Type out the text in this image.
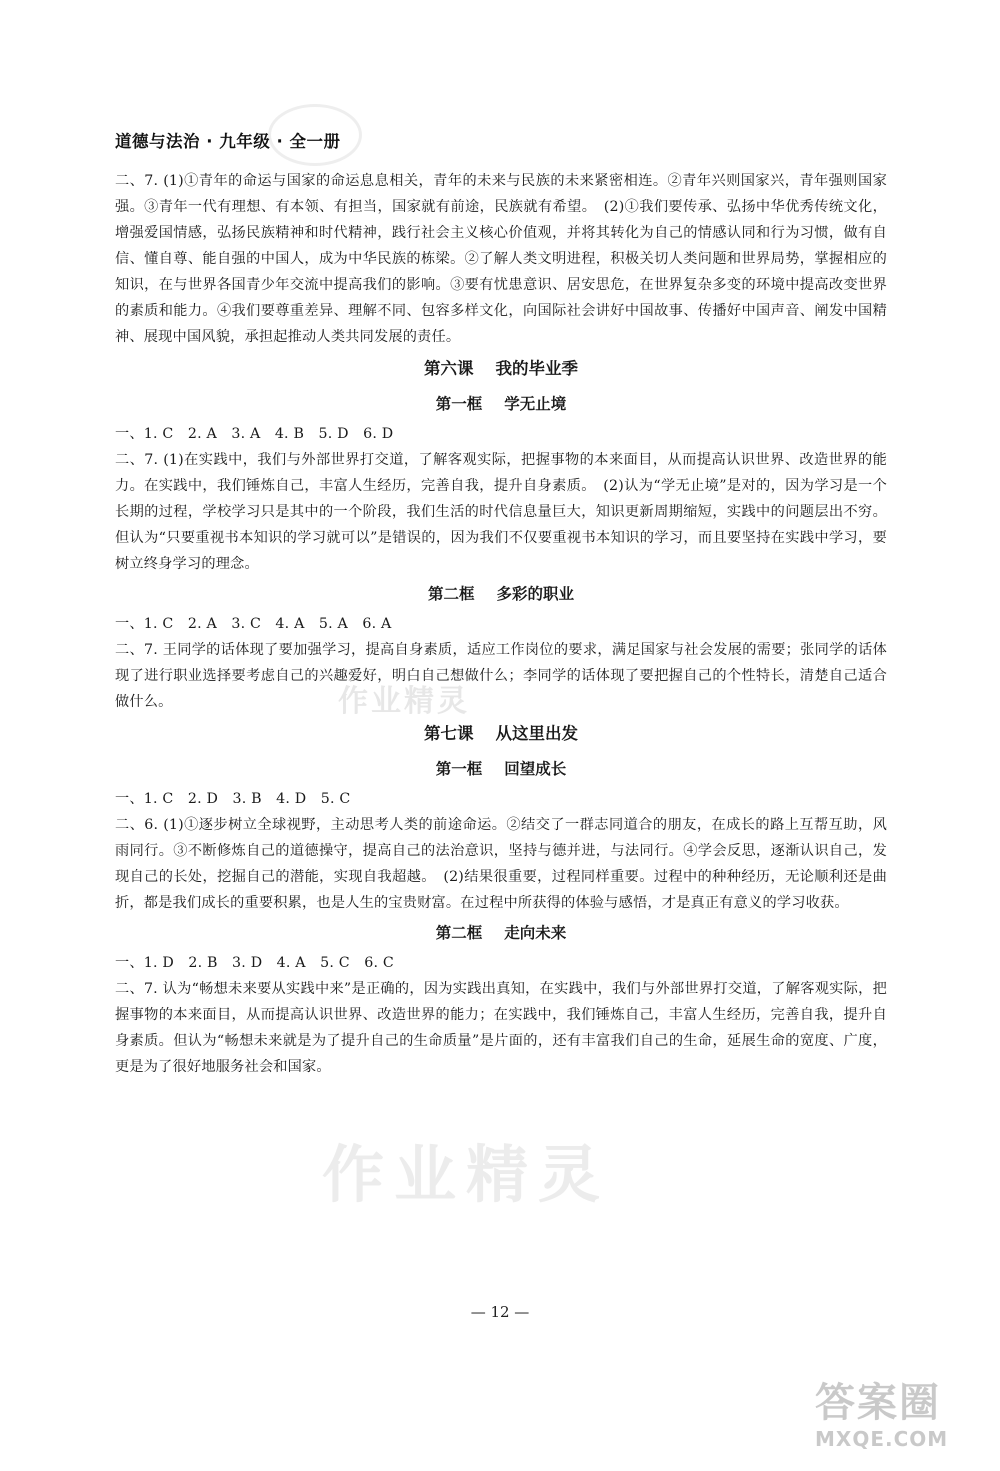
道德与法治 · 九年级 · 全一册

二、7. (1)①青年的命运与国家的命运息息相关，青年的未来与民族的未来紧密相连。②青年兴则国家兴，青年强则国家强。③青年一代有理想、有本领、有担当，国家就有前途，民族就有希望。　(2)①我们要传承、弘扬中华优秀传统文化，增强爱国情感，弘扬民族精神和时代精神，践行社会主义核心价值观，并将其转化为自己的情感认同和行为习惯，做有自信、懂自尊、能自强的中国人，成为中华民族的栋梁。②了解人类文明进程，积极关切人类问题和世界局势，掌握相应的知识，在与世界各国青少年交流中提高我们的影响。③要有忧患意识、居安思危，在世界复杂多变的环境中提高改变世界的素质和能力。④我们要尊重差异、理解不同、包容多样文化，向国际社会讲好中国故事、传播好中国声音、阐发中国精神、展现中国风貌，承担起推动人类共同发展的责任。

第六课 我的毕业季
第一框 学无止境

一、1. C　2. A　3. A　4. B　5. D　6. D

二、7. (1)在实践中，我们与外部世界打交道，了解客观实际，把握事物的本来面目，从而提高认识世界、改造世界的能力。在实践中，我们锤炼自己，丰富人生经历，完善自我，提升自身素质。　(2)认为“学无止境”是对的，因为学习是一个长期的过程，学校学习只是其中的一个阶段，我们生活的时代信息量巨大，知识更新周期缩短，实践中的问题层出不穷。但认为“只要重视书本知识的学习就可以”是错误的，因为我们不仅要重视书本知识的学习，而且要坚持在实践中学习，要树立终身学习的理念。

第二框 多彩的职业

一、1. C　2. A　3. C　4. A　5. A　6. A

二、7. 王同学的话体现了要加强学习，提高自身素质，适应工作岗位的要求，满足国家与社会发展的需要；张同学的话体现了进行职业选择要考虑自己的兴趣爱好，明白自己想做什么；李同学的话体现了要把握自己的个性特长，清楚自己适合做什么。

第七课 从这里出发
第一框 回望成长

一、1. C　2. D　3. B　4. D　5. C

二、6. (1)①逐步树立全球视野，主动思考人类的前途命运。②结交了一群志同道合的朋友，在成长的路上互帮互助，风雨同行。③不断修炼自己的道德操守，提高自己的法治意识，坚持与德并进，与法同行。④学会反思，逐渐认识自己，发现自己的长处，挖掘自己的潜能，实现自我超越。　(2)结果很重要，过程同样重要。过程中的种种经历，无论顺利还是曲折，都是我们成长的重要积累，也是人生的宝贵财富。在过程中所获得的体验与感悟，才是真正有意义的学习收获。

第二框 走向未来

一、1. D　2. B　3. D　4. A　5. C　6. C

二、7. 认为“畅想未来要从实践中来”是正确的，因为实践出真知，在实践中，我们与外部世界打交道，了解客观实际，把握事物的本来面目，从而提高认识世界、改造世界的能力；在实践中，我们锤炼自己，丰富人生经历，完善自我，提升自身素质。但认为“畅想未来就是为了提升自己的生命质量”是片面的，还有丰富我们自己的生命，延展生命的宽度、广度，更是为了很好地服务社会和国家。

作业精灵
作业精灵
— 12 —
答案圈
MXQE.COM
